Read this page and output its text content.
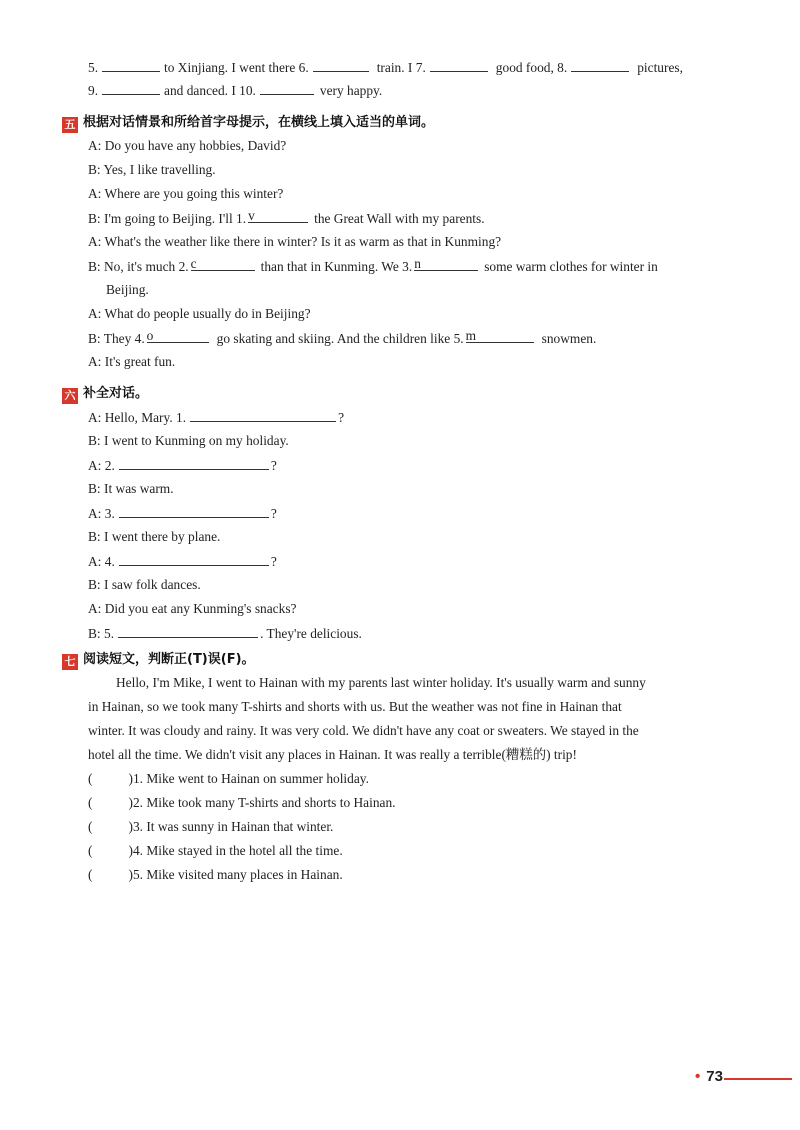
5.	to Xinjiang. I went there 6.	train. I 7.	good food, 8.	pictures,
9.	and danced. I 10.	very happy.
五 根据对话情景和所给首字母提示，在横线上填入适当的单词。
A: Do you have any hobbies, David?
B: Yes, I like travelling.
A: Where are you going this winter?
B: I'm going to Beijing. I'll 1. v	the Great Wall with my parents.
A: What's the weather like there in winter? Is it as warm as that in Kunming?
B: No, it's much 2. c	than that in Kunming. We 3. n	some warm clothes for winter in
Beijing.
A: What do people usually do in Beijing?
B: They 4. o	go skating and skiing. And the children like 5. m	snowmen.
A: It's great fun.
六 补全对话。
A: Hello, Mary. 1.	?
B: I went to Kunming on my holiday.
A: 2.	?
B: It was warm.
A: 3.	?
B: I went there by plane.
A: 4.	?
B: I saw folk dances.
A: Did you eat any Kunming's snacks?
B: 5.	. They're delicious.
七 阅读短文，判断正(T)误(F)。
Hello, I'm Mike, I went to Hainan with my parents last winter holiday. It's usually warm and sunny
in Hainan, so we took many T-shirts and shorts with us. But the weather was not fine in Hainan that
winter. It was cloudy and rainy. It was very cold. We didn't have any coat or sweaters. We stayed in the
hotel all the time. We didn't visit any places in Hainan. It was really a terrible(糟糕的) trip!
(	)1. Mike went to Hainan on summer holiday.
(	)2. Mike took many T-shirts and shorts to Hainan.
(	)3. It was sunny in Hainan that winter.
(	)4. Mike stayed in the hotel all the time.
(	)5. Mike visited many places in Hainan.
• 73
